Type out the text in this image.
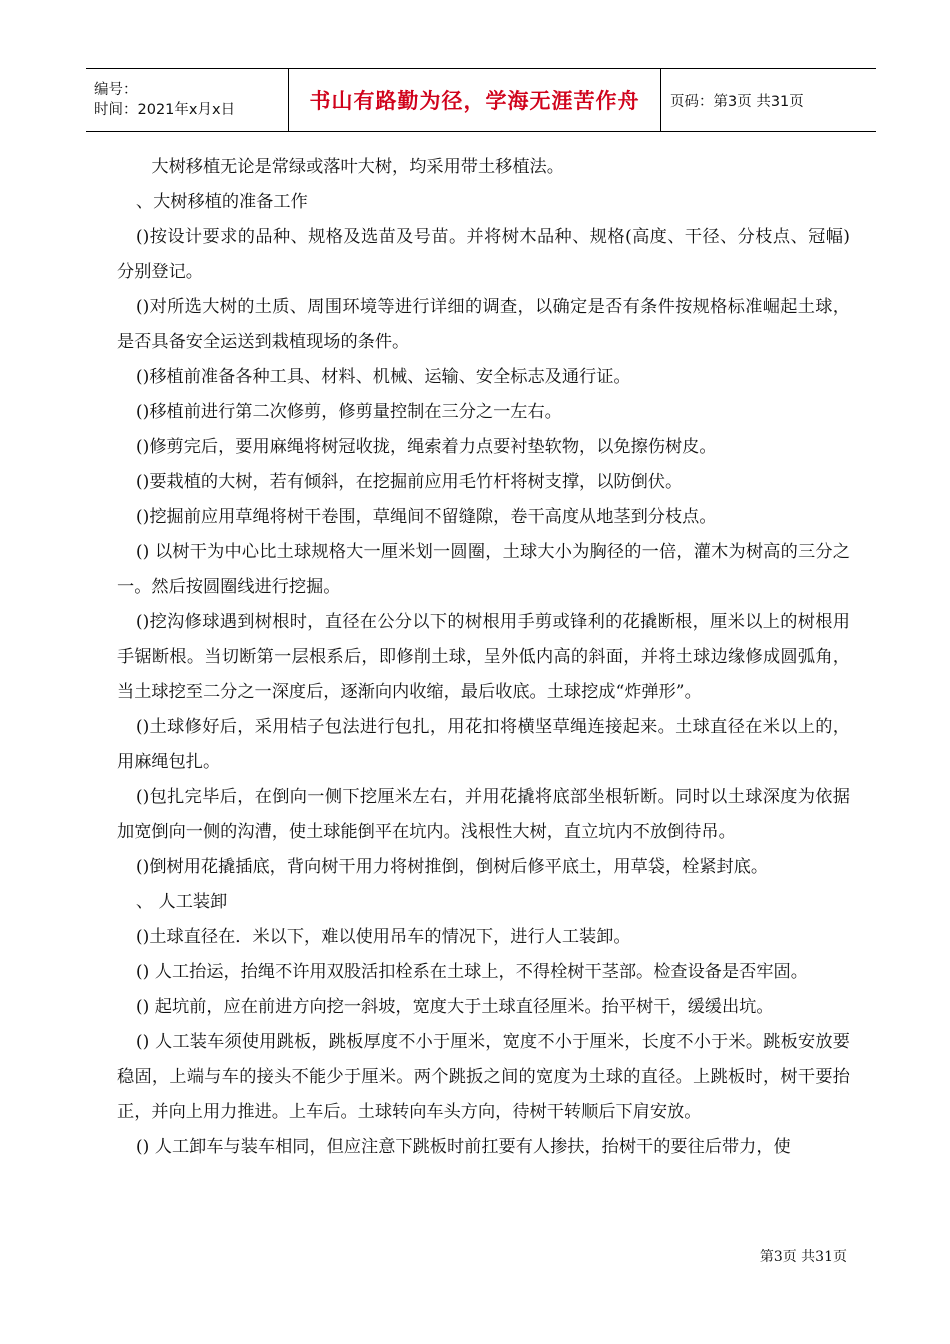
编号：
时间：2021年x月x日	书山有路勤为径，学海无涯苦作舟	页码：第3页 共31页

大树移植无论是常绿或落叶大树，均采用带土移植法。

、大树移植的准备工作

()按设计要求的品种、规格及选苗及号苗。并将树木品种、规格(高度、干径、分枝点、冠幅)分别登记。

()对所选大树的土质、周围环境等进行详细的调查，以确定是否有条件按规格标准崛起土球，是否具备安全运送到栽植现场的条件。

()移植前准备各种工具、材料、机械、运输、安全标志及通行证。

()移植前进行第二次修剪，修剪量控制在三分之一左右。

()修剪完后，要用麻绳将树冠收拢，绳索着力点要衬垫软物，以免擦伤树皮。

()要栽植的大树，若有倾斜，在挖掘前应用毛竹杆将树支撑，以防倒伏。

()挖掘前应用草绳将树干卷围，草绳间不留缝隙，卷干高度从地茎到分枝点。

() 以树干为中心比土球规格大一厘米划一圆圈，土球大小为胸径的一倍，灌木为树高的三分之一。然后按圆圈线进行挖掘。

()挖沟修球遇到树根时，直径在公分以下的树根用手剪或锋利的花撬断根，厘米以上的树根用手锯断根。当切断第一层根系后，即修削土球，呈外低内高的斜面，并将土球边缘修成圆弧角，当土球挖至二分之一深度后，逐渐向内收缩，最后收底。土球挖成“炸弹形”。

()土球修好后，采用桔子包法进行包扎，用花扣将横坚草绳连接起来。土球直径在米以上的，用麻绳包扎。

()包扎完毕后，在倒向一侧下挖厘米左右，并用花撬将底部坐根斩断。同时以土球深度为依据加宽倒向一侧的沟漕，使土球能倒平在坑内。浅根性大树，直立坑内不放倒待吊。

()倒树用花撬插底，背向树干用力将树推倒，倒树后修平底土，用草袋，栓紧封底。

、 人工装卸

()土球直径在．米以下，难以使用吊车的情况下，进行人工装卸。

() 人工抬运，抬绳不许用双股活扣栓系在土球上，不得栓树干茎部。检查设备是否牢固。

() 起坑前，应在前进方向挖一斜坡，宽度大于土球直径厘米。抬平树干，缓缓出坑。

() 人工装车须使用跳板，跳板厚度不小于厘米，宽度不小于厘米，长度不小于米。跳板安放要稳固，上端与车的接头不能少于厘米。两个跳扳之间的宽度为土球的直径。上跳板时，树干要抬正，并向上用力推进。上车后。土球转向车头方向，待树干转顺后下肩安放。

() 人工卸车与装车相同，但应注意下跳板时前扛要有人掺扶，抬树干的要往后带力，使

第3页 共31页
